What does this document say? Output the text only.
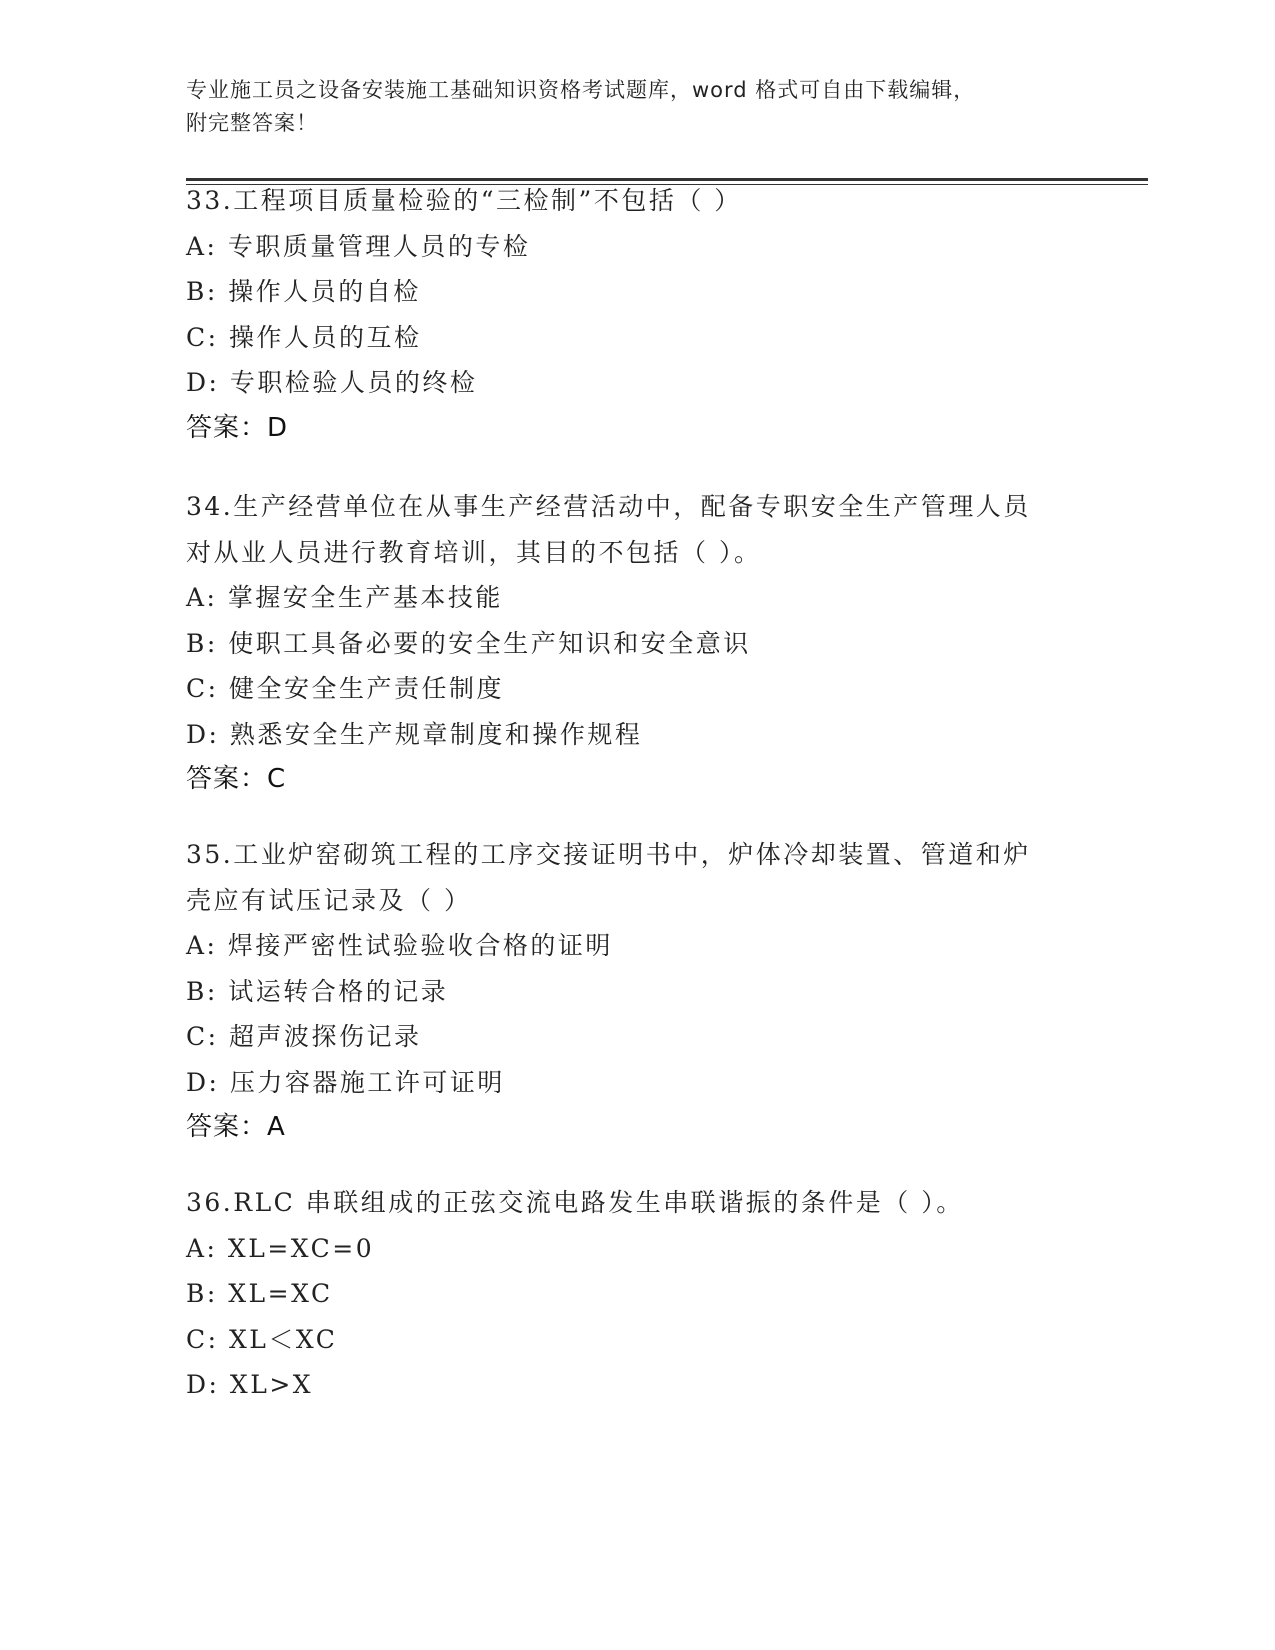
专业施工员之设备安装施工基础知识资格考试题库，word 格式可自由下载编辑，
附完整答案！
33.工程项目质量检验的“三检制”不包括（ ）
A: 专职质量管理人员的专检
B: 操作人员的自检
C: 操作人员的互检
D: 专职检验人员的终检
答案：D
34.生产经营单位在从事生产经营活动中，配备专职安全生产管理人员
对从业人员进行教育培训，其目的不包括（ ）。
A: 掌握安全生产基本技能
B: 使职工具备必要的安全生产知识和安全意识
C: 健全安全生产责任制度
D: 熟悉安全生产规章制度和操作规程
答案：C
35.工业炉窑砌筑工程的工序交接证明书中，炉体冷却装置、管道和炉
壳应有试压记录及（ ）
A: 焊接严密性试验验收合格的证明
B: 试运转合格的记录
C: 超声波探伤记录
D: 压力容器施工许可证明
答案：A
36.RLC 串联组成的正弦交流电路发生串联谐振的条件是（ ）。
A: XL=XC=0
B: XL=XC
C: XL＜XC
D: XL>X
